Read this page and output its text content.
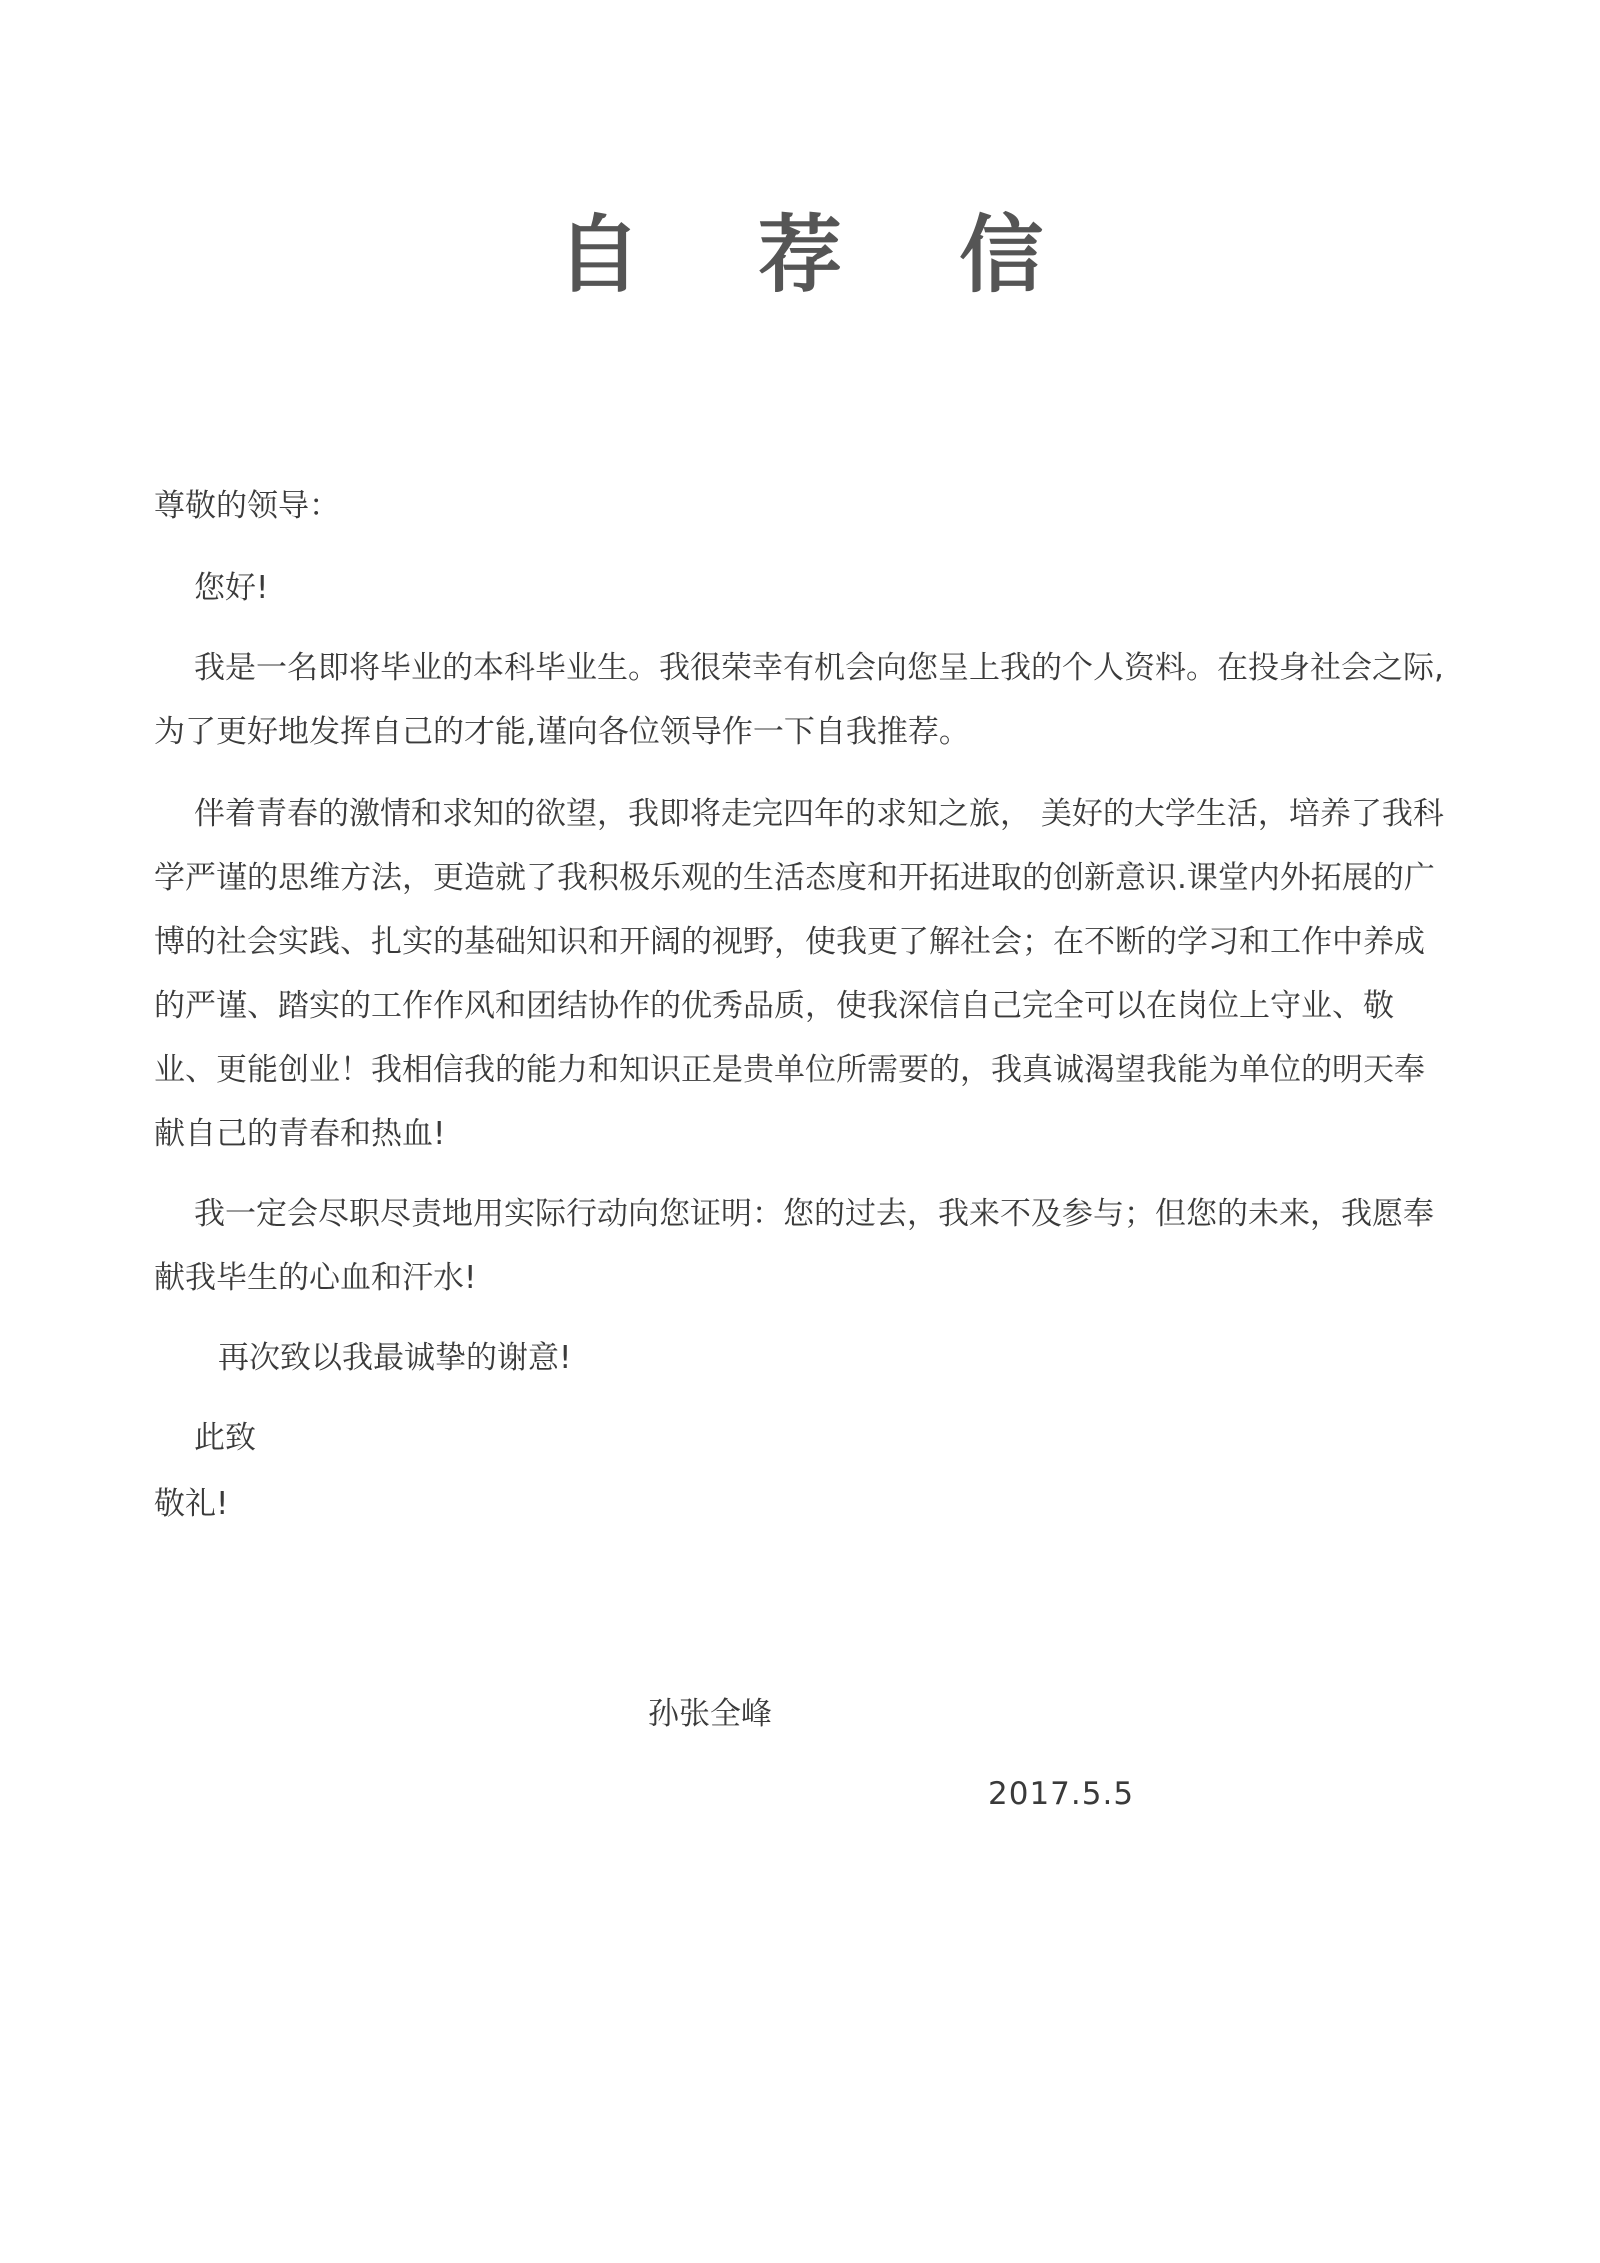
自 荐 信

尊敬的领导：

您好!

我是一名即将毕业的本科毕业生。我很荣幸有机会向您呈上我的个人资料。在投身社会之际,为了更好地发挥自己的才能,谨向各位领导作一下自我推荐。

伴着青春的激情和求知的欲望，我即将走完四年的求知之旅， 美好的大学生活，培养了我科学严谨的思维方法，更造就了我积极乐观的生活态度和开拓进取的创新意识.课堂内外拓展的广博的社会实践、扎实的基础知识和开阔的视野，使我更了解社会；在不断的学习和工作中养成的严谨、踏实的工作作风和团结协作的优秀品质，使我深信自己完全可以在岗位上守业、敬业、更能创业！我相信我的能力和知识正是贵单位所需要的，我真诚渴望我能为单位的明天奉献自己的青春和热血!

我一定会尽职尽责地用实际行动向您证明：您的过去，我来不及参与；但您的未来，我愿奉献我毕生的心血和汗水!

再次致以我最诚挚的谢意!

此致

敬礼!

孙张全峰

2017.5.5
